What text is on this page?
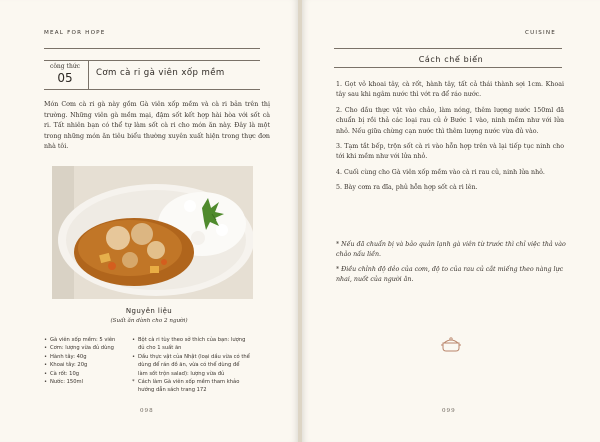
MEAL FOR HOPE
công thức
05	Cơm cà ri gà viên xốp mềm

Món Cơm cà ri gà này gồm Gà viên xốp mềm và cà ri bản trên thị trường. Những viên gà mềm mại, đậm sốt kết hợp hài hòa với sốt cà ri. Tất nhiên bạn có thể tự làm sốt cà ri cho món ăn này. Đây là một trong những món ăn tiêu biểu thường xuyên xuất hiện trong thực đơn nhà tôi.

Nguyên liệu
(Suất ăn dành cho 2 người)
• Gà viên xốp mềm: 5 viên
• Cơm: lượng vừa đủ dùng
• Hành tây: 40g
• Khoai tây: 20g
• Cà rốt: 10g
• Nước: 150ml
• Bột cà ri tùy theo sở thích của bạn: lượng đủ cho 1 suất ăn
• Dầu thực vật của Nhật (loại dầu vừa có thể dùng để rán đồ ăn, vừa có thể dùng để làm sốt trộn salad): lượng vừa đủ
* Cách làm Gà viên xốp mềm tham khảo hướng dẫn sách trang 172
098
CUISINE
099
Cách chế biến
1. Gọt vỏ khoai tây, cà rốt, hành tây, tất cả thái thành sợi 1cm. Khoai tây sau khi ngâm nước thì vớt ra để ráo nước.
2. Cho dầu thực vật vào chảo, làm nóng, thêm lượng nước 150ml đã chuẩn bị rồi thả các loại rau củ ở Bước 1 vào, ninh mềm như với lửa nhỏ. Nếu giữa chừng cạn nước thì thêm lượng nước vừa đủ vào.
3. Tạm tắt bếp, trộn sốt cà ri vào hỗn hợp trên và lại tiếp tục ninh cho tới khi mềm như với lửa nhỏ.
4. Cuối cùng cho Gà viên xốp mềm vào cà ri rau củ, ninh lửa nhỏ.
5. Bày cơm ra đĩa, phủ hỗn hợp sốt cà ri lên.
* Nếu đã chuẩn bị và bảo quản lạnh gà viên từ trước thì chỉ việc thả vào chảo nấu liền.
* Điều chỉnh độ dẻo của cơm, độ to của rau củ cắt miếng theo nàng lực nhai, nuốt của người ăn.
